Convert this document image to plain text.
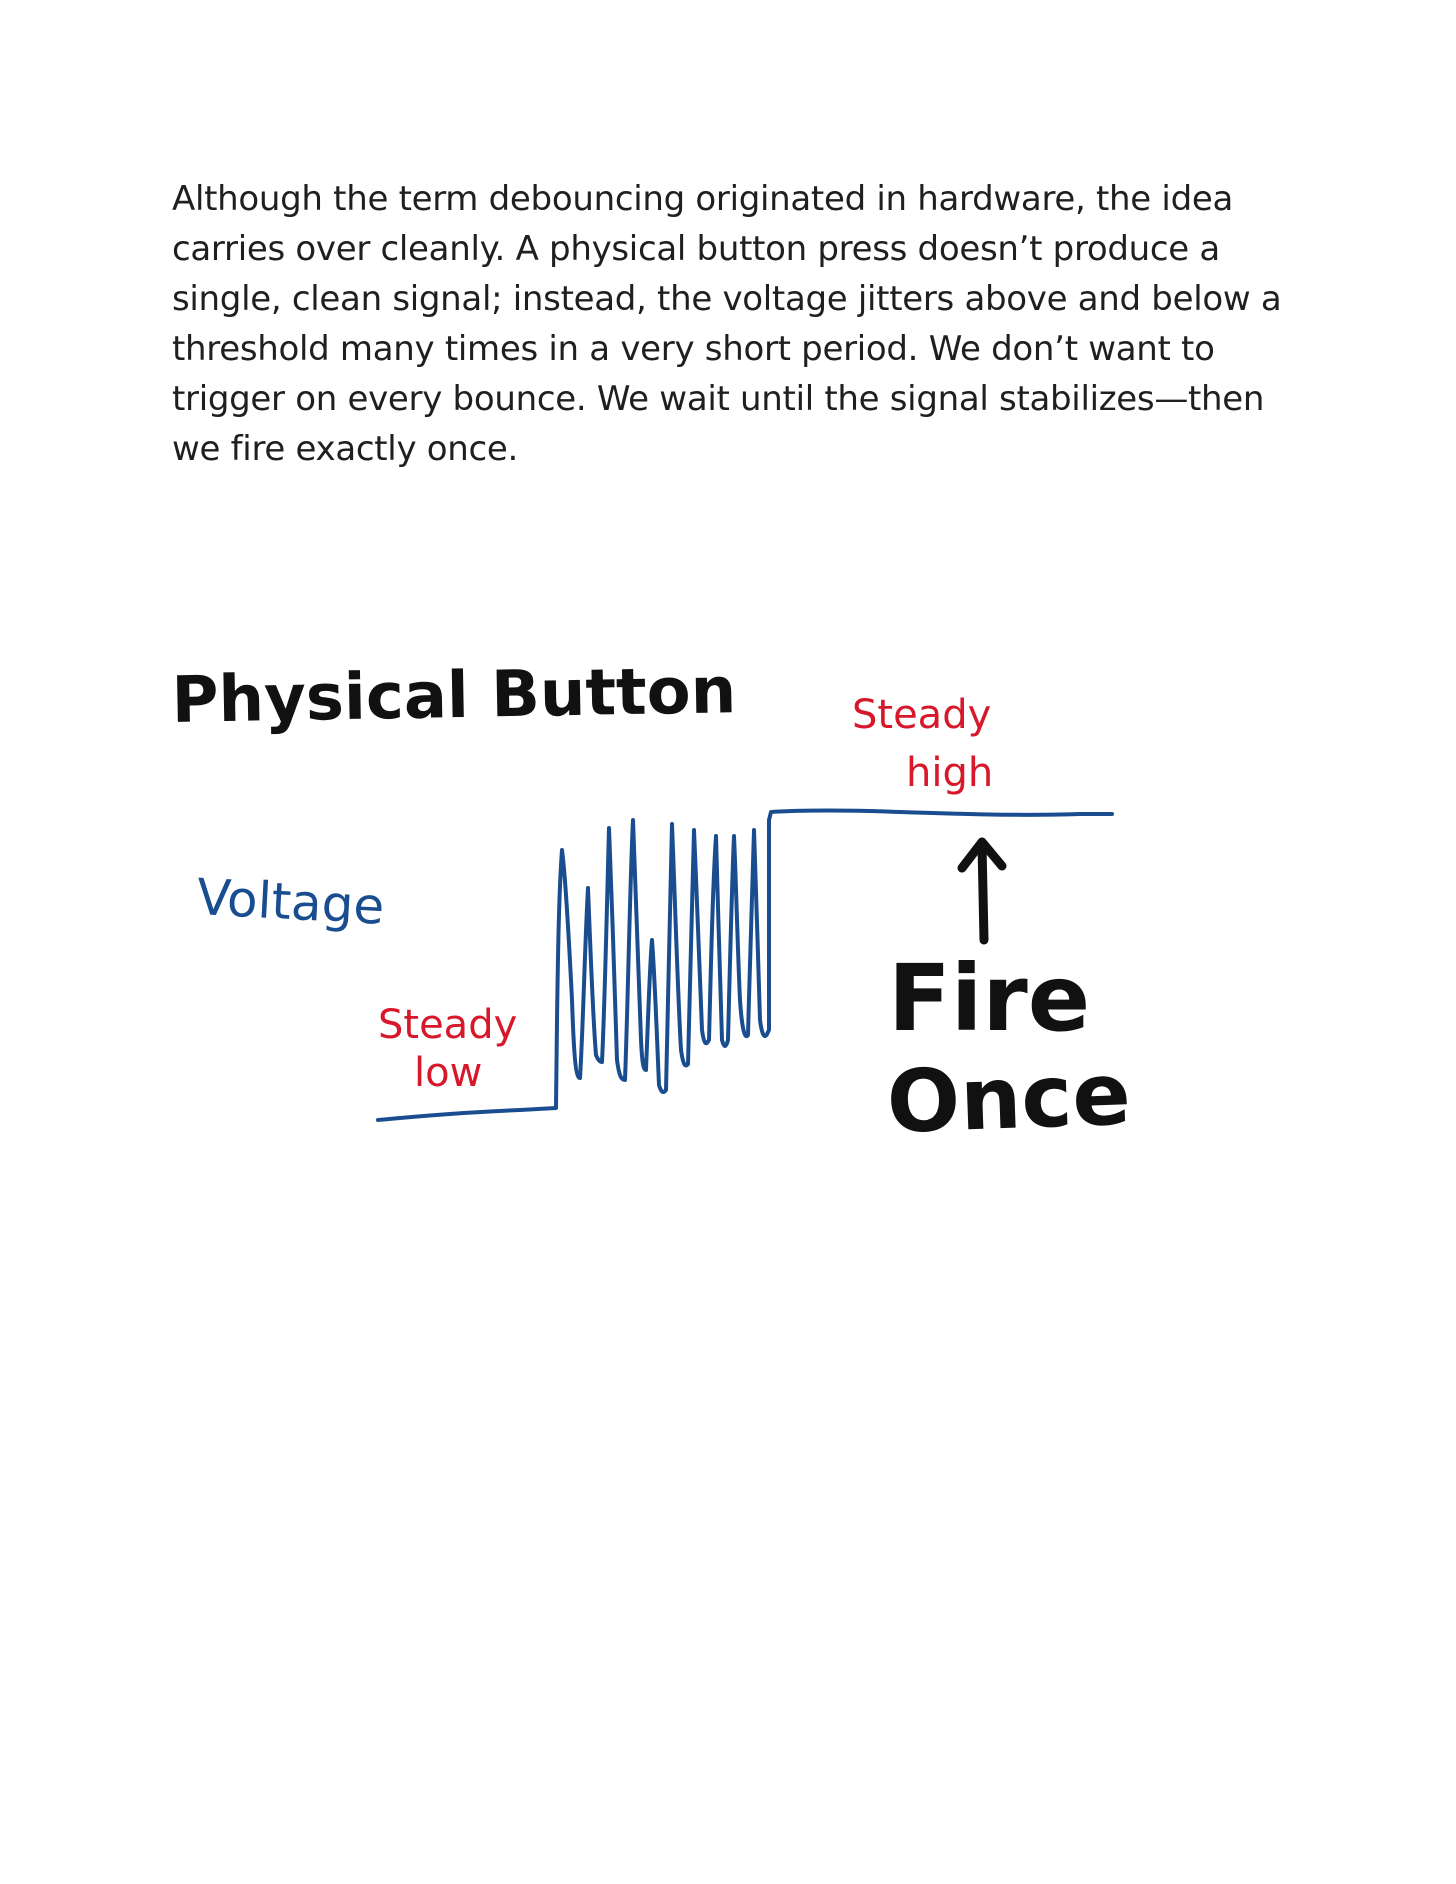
Although the term debouncing originated in hardware, the idea carries over cleanly. A physical button press doesn’t produce a single, clean signal; instead, the voltage jitters above and below a threshold many times in a very short period. We don’t want to trigger on every bounce. We wait until the signal stabilizes—then we fire exactly once.

Physical Button
Voltage
Steady
low
Steady
high
Fire
Once
